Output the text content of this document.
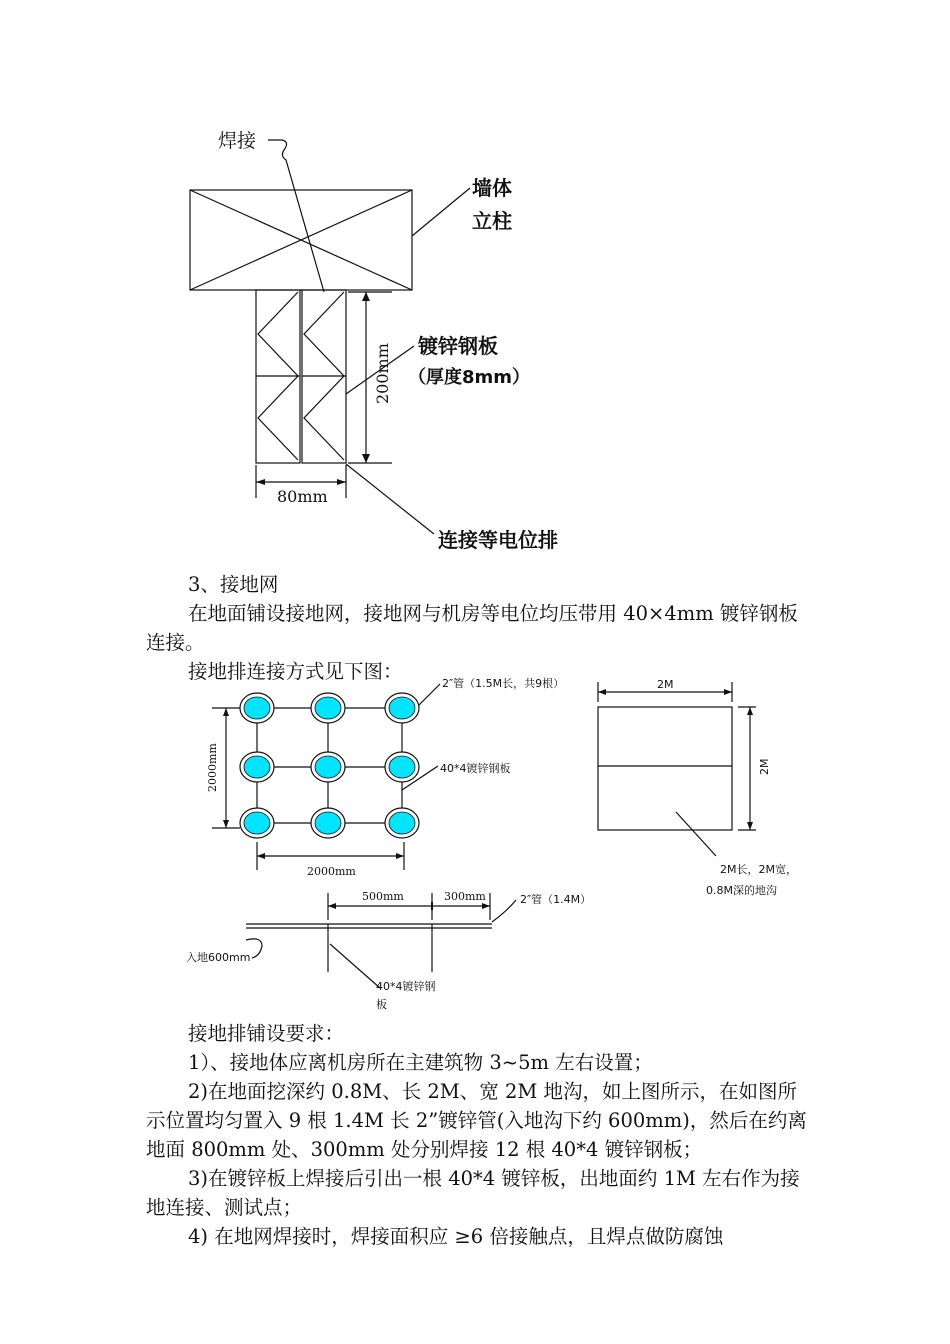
焊接
墙体
立柱
镀锌钢板
（厚度8mm）
200mm
80mm
连接等电位排

3、接地网

在地面铺设接地网，接地网与机房等电位均压带用 40×4mm 镀锌钢板连接。

接地排连接方式见下图：

2″管（1.5M长，共9根）
40*4镀锌钢板
2000mm
2000mm
2M
2M
2M长，2M宽，
0.8M深的地沟
500mm	300mm	2″管（1.4M）
入地600mm
40*4镀锌钢
板

接地排铺设要求：

1）、接地体应离机房所在主建筑物 3~5m 左右设置；

2)在地面挖深约 0.8M、长 2M、宽 2M 地沟，如上图所示，在如图所示位置均匀置入 9 根 1.4M 长 2”镀锌管(入地沟下约 600mm)，然后在约离地面 800mm 处、300mm 处分别焊接 12 根 40*4 镀锌钢板；

3)在镀锌板上焊接后引出一根 40*4 镀锌板，出地面约 1M 左右作为接地连接、测试点；

4) 在地网焊接时，焊接面积应 ≥6 倍接触点，且焊点做防腐蚀
